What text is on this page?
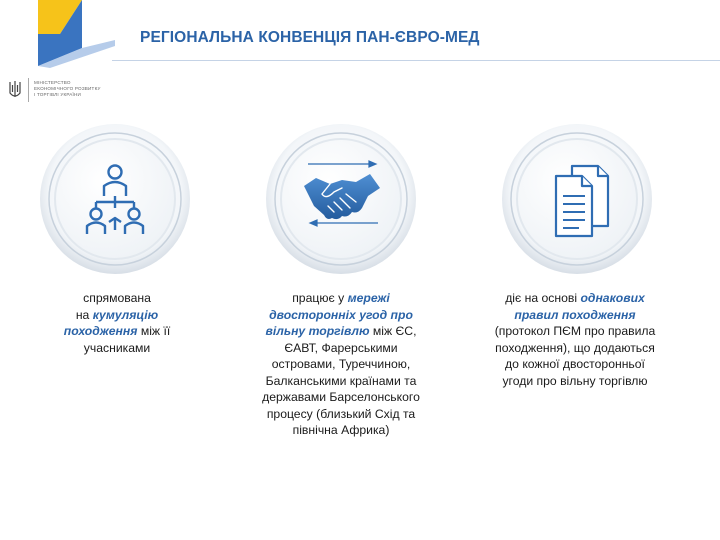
РЕГІОНАЛЬНА КОНВЕНЦІЯ ПАН-ЄВРО-МЕД
МІНІСТЕРСТВО
ЕКОНОМІЧНОГО РОЗВИТКУ
І ТОРГІВЛІ УКРАЇНИ
спрямована
на кумуляцію
походження між її
учасниками
працює у мережі
двосторонніх угод про
вільну торгівлю між ЄС,
ЄАВТ, Фарерськими
островами, Туреччиною,
Балканськими країнами та
державами Барселонського
процесу (близький Схід та
північна Африка)
діє на основі однакових
правил походження
(протокол ПЄМ про правила
походження), що додаються
до кожної двосторонньої
угоди про вільну торгівлю
